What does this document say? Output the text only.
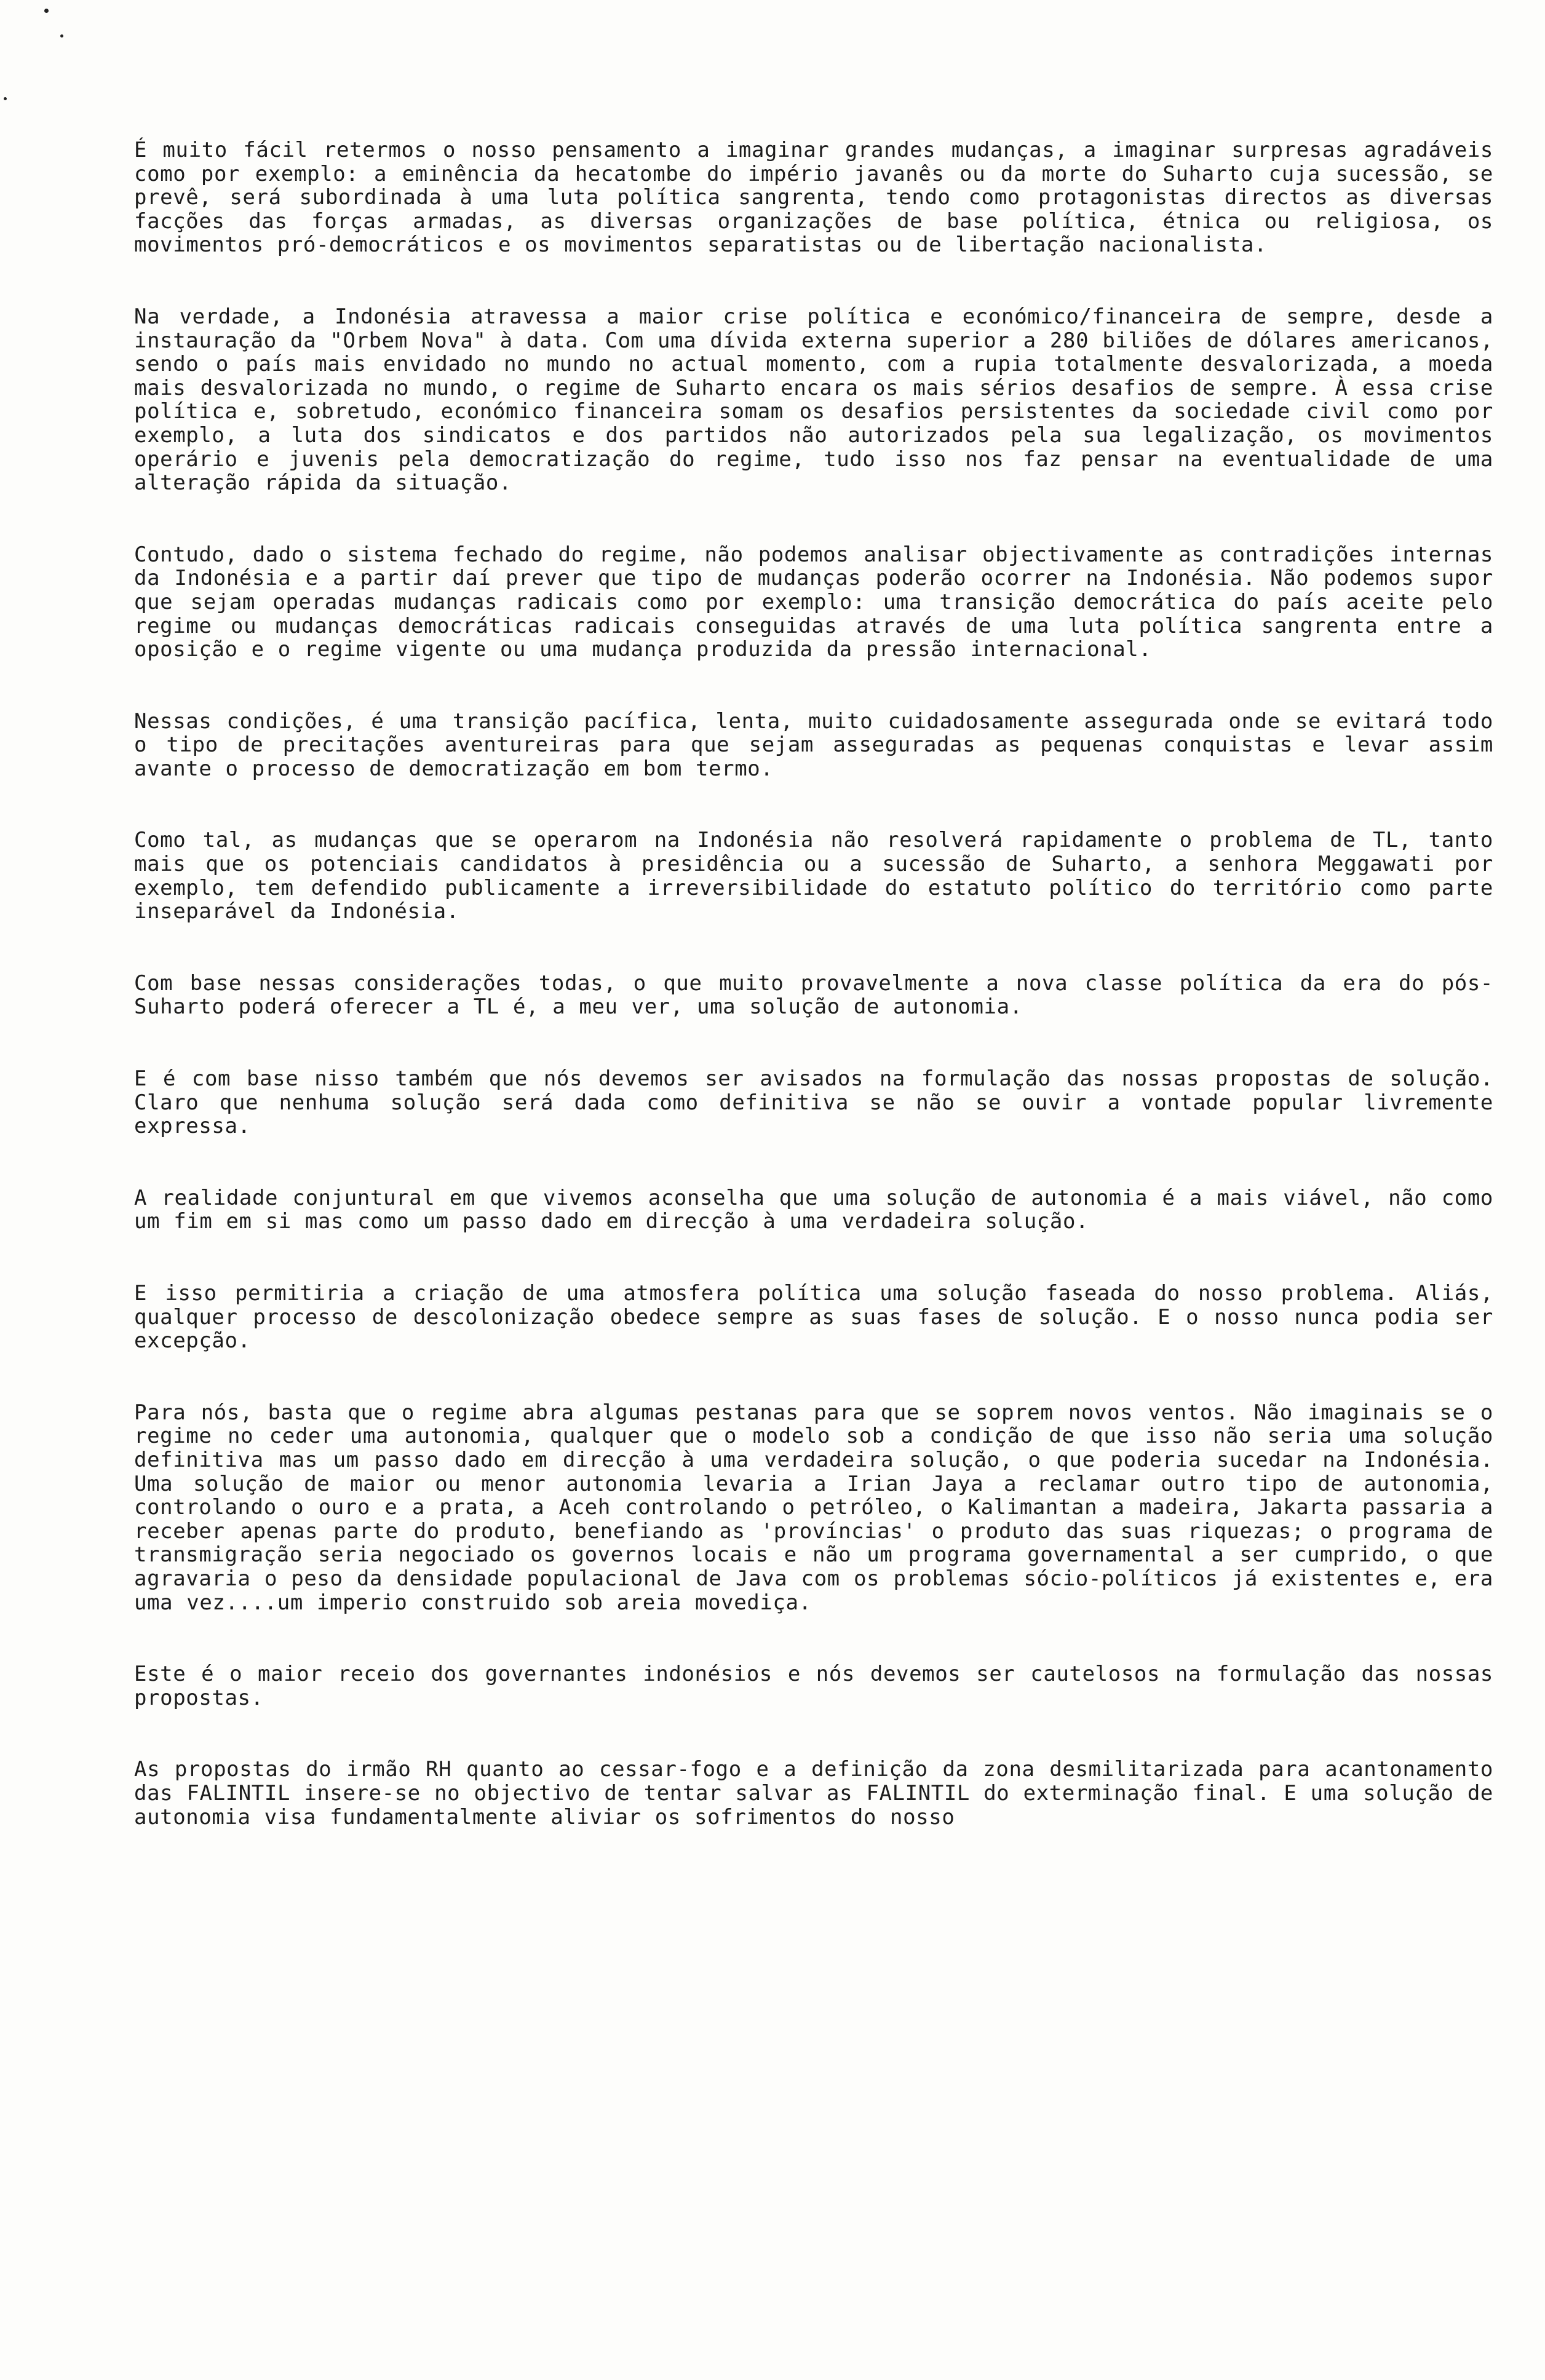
É muito fácil retermos o nosso pensamento a imaginar grandes mudanças, a imaginar surpresas agradáveis como por exemplo: a eminência da hecatombe do império javanês ou da morte do Suharto cuja sucessão, se prevê, será subordinada à uma luta política sangrenta, tendo como protagonistas directos as diversas facções das forças armadas, as diversas organizações de base política, étnica ou religiosa, os movimentos pró-democráticos e os movimentos separatistas ou de libertação nacionalista.

Na verdade, a Indonésia atravessa a maior crise política e económico/financeira de sempre, desde a instauração da "Orbem Nova" à data. Com uma dívida externa superior a 280 biliões de dólares americanos, sendo o país mais envidado no mundo no actual momento, com a rupia totalmente desvalorizada, a moeda mais desvalorizada no mundo, o regime de Suharto encara os mais sérios desafios de sempre. À essa crise política e, sobretudo, económico financeira somam os desafios persistentes da sociedade civil como por exemplo, a luta dos sindicatos e dos partidos não autorizados pela sua legalização, os movimentos operário e juvenis pela democratização do regime, tudo isso nos faz pensar na eventualidade de uma alteração rápida da situação.

Contudo, dado o sistema fechado do regime, não podemos analisar objectivamente as contradições internas da Indonésia e a partir daí prever que tipo de mudanças poderão ocorrer na Indonésia. Não podemos supor que sejam operadas mudanças radicais como por exemplo: uma transição democrática do país aceite pelo regime ou mudanças democráticas radicais conseguidas através de uma luta política sangrenta entre a oposição e o regime vigente ou uma mudança produzida da pressão internacional.

Nessas condições, é uma transição pacífica, lenta, muito cuidadosamente assegurada onde se evitará todo o tipo de precitações aventureiras para que sejam asseguradas as pequenas conquistas e levar assim avante o processo de democratização em bom termo.

Como tal, as mudanças que se operarom na Indonésia não resolverá rapidamente o problema de TL, tanto mais que os potenciais candidatos à presidência ou a sucessão de Suharto, a senhora Meggawati por exemplo, tem defendido publicamente a irreversibilidade do estatuto político do território como parte inseparável da Indonésia.

Com base nessas considerações todas, o que muito provavelmente a nova classe política da era do pós-Suharto poderá oferecer a TL é, a meu ver, uma solução de autonomia.

E é com base nisso também que nós devemos ser avisados na formulação das nossas propostas de solução. Claro que nenhuma solução será dada como definitiva se não se ouvir a vontade popular livremente expressa.

A realidade conjuntural em que vivemos aconselha que uma solução de autonomia é a mais viável, não como um fim em si mas como um passo dado em direcção à uma verdadeira solução.

E isso permitiria a criação de uma atmosfera política uma solução faseada do nosso problema. Aliás, qualquer processo de descolonização obedece sempre as suas fases de solução. E o nosso nunca podia ser excepção.

Para nós, basta que o regime abra algumas pestanas para que se soprem novos ventos. Não imaginais se o regime no ceder uma autonomia, qualquer que o modelo sob a condição de que isso não seria uma solução definitiva mas um passo dado em direcção à uma verdadeira solução, o que poderia sucedar na Indonésia. Uma solução de maior ou menor autonomia levaria a Irian Jaya a reclamar outro tipo de autonomia, controlando o ouro e a prata, a Aceh controlando o petróleo, o Kalimantan a madeira, Jakarta passaria a receber apenas parte do produto, benefiando as 'províncias' o produto das suas riquezas; o programa de transmigração seria negociado os governos locais e não um programa governamental a ser cumprido, o que agravaria o peso da densidade populacional de Java com os problemas sócio-políticos já existentes e, era uma vez....um imperio construido sob areia movediça.

Este é o maior receio dos governantes indonésios e nós devemos ser cautelosos na formulação das nossas propostas.

As propostas do irmão RH quanto ao cessar-fogo e a definição da zona desmilitarizada para acantonamento das FALINTIL insere-se no objectivo de tentar salvar as FALINTIL do exterminação final. E uma solução de autonomia visa fundamentalmente aliviar os sofrimentos do nosso
